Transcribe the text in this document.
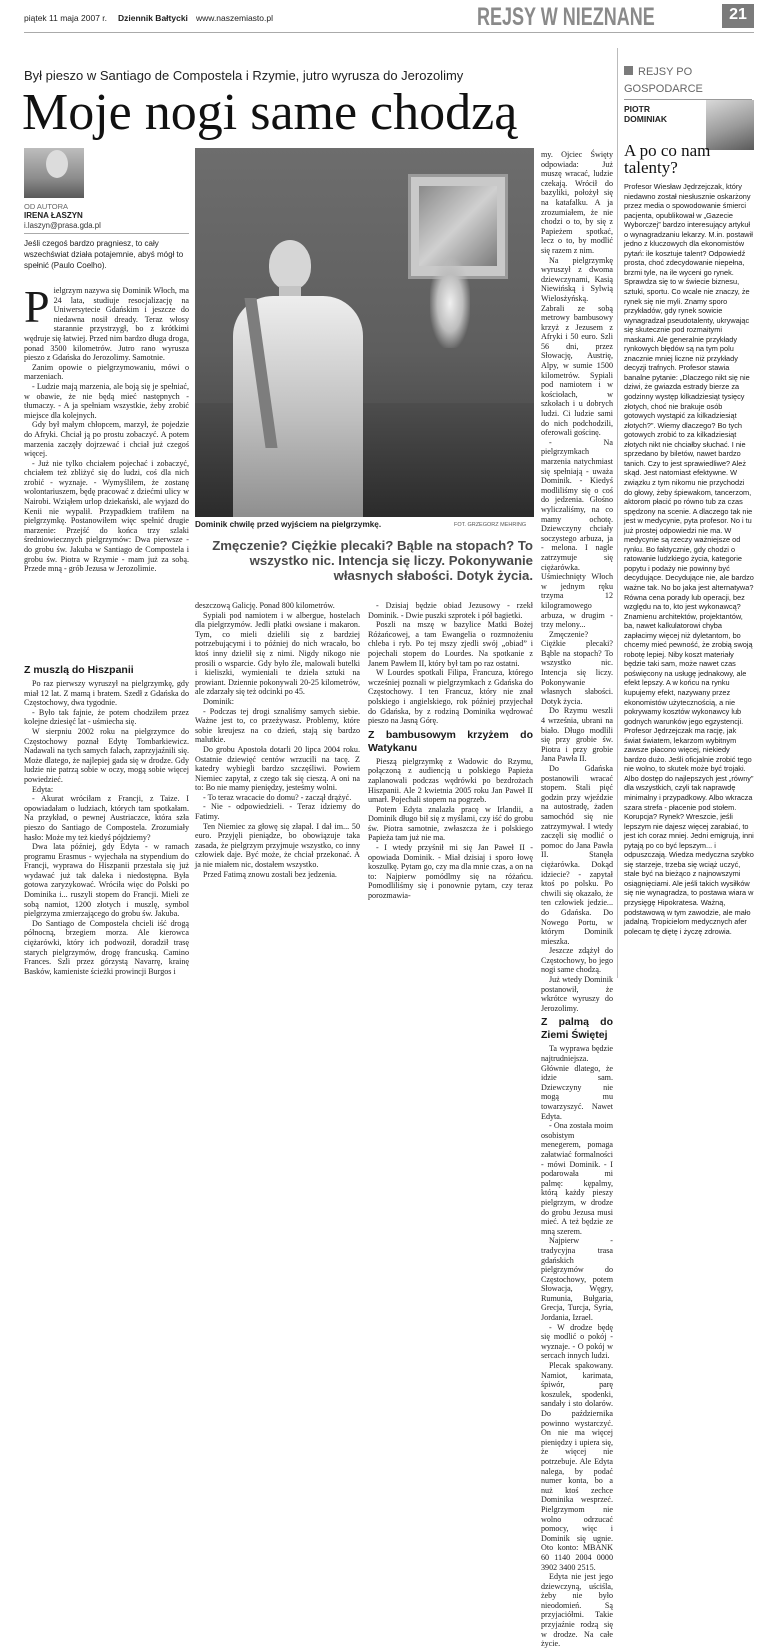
piątek 11 maja 2007 r. Dziennik Bałtycki www.naszemiasto.pl	REJSY W NIEZNANE	21
Był pieszo w Santiago de Compostela i Rzymie, jutro wyrusza do Jerozolimy
Moje nogi same chodzą
REJSY PO GOSPODARCE
PIOTR DOMINIAK
A po co nam talenty?
Profesor Wiesław Jędrzejczak, który niedawno został niesłusznie oskarżony przez media o spowodowanie śmierci pacjenta, opublikował w „Gazecie Wyborczej” bardzo interesujący artykuł o wynagradzaniu lekarzy. M.in. postawił jedno z kluczowych dla ekonomistów pytań: ile kosztuje talent? Odpowiedź prosta, choć zdecydowanie niepełna, brzmi tyle, na ile wyceni go rynek. Sprawdza się to w świecie biznesu, sztuki, sportu. Co wcale nie znaczy, że rynek się nie myli. Znamy sporo przykładów, gdy rynek sowicie wynagradzał pseudotalenty, ukrywając się skutecznie pod rozmaitymi maskami. Ale generalnie przykłady rynkowych błędów są na tym polu znacznie mniej liczne niż przykłady decyzji trafnych. Profesor stawia banalne pytanie: „Dlaczego nikt się nie dziwi, że gwiazda estrady bierze za godzinny występ kilkadziesiąt tysięcy złotych, choć nie brakuje osób gotowych wystąpić za kilkadziesiąt złotych?”. Wiemy dlaczego? Bo tych gotowych zrobić to za kilkadziesiąt złotych nikt nie chciałby słuchać. I nie sprzedano by biletów, nawet bardzo tanich. Czy to jest sprawiedliwe? Ależ skąd. Jest natomiast efektywne. W związku z tym nikomu nie przychodzi do głowy, żeby śpiewakom, tancerzom, aktorom płacić po równo tub za czas spędzony na scenie. A dlaczego tak nie jest w medycynie, pyta profesor. No i tu już prostej odpowiedzi nie ma. W medycynie są rzeczy ważniejsze od rynku. Bo faktycznie, gdy chodzi o ratowanie ludzkiego życia, kategorie popytu i podaży nie powinny być decydujące. Decydujące nie, ale bardzo ważne tak. No bo jaka jest alternatywa? Równa cena porady lub operacji, bez względu na to, kto jest wykonawcą? Znamienu architektów, projektantów, ba, nawet kalkulatorowi chyba zapłacimy więcej niż dyletantom, bo chcemy mieć pewność, że zrobią swoją robotę lepiej. Niby koszt materiały będzie taki sam, może nawet czas poświęcony na usługę jednakowy, ale efekt lepszy. A w końcu na rynku kupujemy efekt, nazywany przez ekonomistów użytecznością, a nie pokrywamy kosztów wykonawcy lub godnych warunków jego egzystencji. Profesor Jędrzejczak ma rację, jak świat światem, lekarzom wybitnym zawsze płacono więcej, niekiedy bardzo dużo. Jeśli oficjalnie zrobić tego nie wolno, to skutek może być trojaki. Albo dostęp do najlepszych jest „równy” dla wszystkich, czyli tak naprawdę minimalny i przypadkowy. Albo wkracza szara strefa - płacenie pod stołem. Korupcja? Rynek? Wreszcie, jeśli lepszym nie dajesz więcej zarabiać, to jest ich coraz mniej. Jedni emigrują, inni pytają po co być lepszym... i odpuszczają. Wiedza medyczna szybko się starzeje, trzeba się wciąż uczyć, stale być na bieżąco z najnowszymi osiągnięciami. Ale jeśli takich wysiłków się nie wynagradza, to postawa wiara w przysięgę Hipokratesa. Ważną, podstawową w tym zawodzie, ale mało jadalną. Tropicielom medycznych afer polecam tę diętę i życzę zdrowia.
OD AUTORA
IRENA ŁASZYN
i.laszyn@prasa.gda.pl
Jeśli czegoś bardzo pragniesz, to cały wszechświat działa potajemnie, abyś mógł to spełnić (Paulo Coelho).
P ielgrzym nazywa się Dominik Włoch, ma 24 lata, studiuje resocjalizację na Uniwersytecie Gdańskim i jeszcze do niedawna nosił dready. Teraz włosy starannie przystrzygł, bo z krótkimi wędruje się łatwiej. Przed nim bardzo długa droga, ponad 3500 kilometrów. Jutro rano wyrusza pieszo z Gdańska do Jerozolimy. Samotnie.

Zanim opowie o pielgrzymowaniu, mówi o marzeniach.

- Ludzie mają marzenia, ale boją się je spełniać, w obawie, że nie będą mieć następnych - tłumaczy. - A ja spełniam wszystkie, żeby zrobić miejsce dla kolejnych.

Gdy był małym chłopcem, marzył, że pojedzie do Afryki. Chciał ją po prostu zobaczyć. A potem marzenia zaczęły dojrzewać i chciał już czegoś więcej.

- Już nie tylko chciałem pojechać i zobaczyć, chciałem też zbliżyć się do ludzi, coś dla nich zrobić - wyznaje. - Wymyśliłem, że zostanę wolontariuszem, będę pracować z dziećmi ulicy w Nairobi. Wziąłem urlop dziekański, ale wyjazd do Kenii nie wypalił. Przypadkiem trafiłem na pielgrzymkę. Postanowiłem więc spełnić drugie marzenie: Przejść do końca trzy szlaki średniowiecznych pielgrzymów: Dwa pierwsze - do grobu św. Jakuba w Santiago de Compostela i grobu św. Piotra w Rzymie - mam już za sobą. Przede mną - grób Jezusa w Jerozolimie.

Dominik chwilę przed wyjściem na pielgrzymkę.	FOT. GRZEGORZ MEHRING
Zmęczenie? Ciężkie plecaki? Bąble na stopach? To wszystko nic. Intencja się liczy. Pokonywanie własnych słabości. Dotyk życia.
Z muszlą do Hiszpanii

Po raz pierwszy wyruszył na pielgrzymkę, gdy miał 12 lat. Z mamą i bratem. Szedł z Gdańska do Częstochowy, dwa tygodnie.

- Było tak fajnie, że potem chodziłem przez kolejne dziesięć lat - uśmiecha się.

W sierpniu 2002 roku na pielgrzymce do Częstochowy poznał Edytę Tombarkiewicz. Nadawali na tych samych falach, zaprzyjaźnili się. Może dlatego, że najlepiej gada się w drodze. Gdy ludzie nie patrzą sobie w oczy, mogą sobie więcej powiedzieć.

Edyta:

- Akurat wróciłam z Francji, z Taize. I opowiadałam o ludziach, których tam spotkałam. Na przykład, o pewnej Austriaczce, która szła pieszo do Santiago de Compostela. Zrozumiały hasło: Może my też kiedyś pójdziemy?

Dwa lata później, gdy Edyta - w ramach programu Erasmus - wyjechała na stypendium do Francji, wyprawa do Hiszpanii przestała się już wydawać już tak daleka i niedostępna. Była gotowa zaryzykować. Wróciła więc do Polski po Dominika i... ruszyli stopem do Francji. Mieli ze sobą namiot, 1200 złotych i muszlę, symbol pielgrzyma zmierzającego do grobu św. Jakuba.

Do Santiago de Compostela chcieli iść drogą północną, brzegiem morza. Ale kierowca ciężarówki, który ich podwoził, doradził trasę starych pielgrzymów, drogę francuską. Camino Frances. Szli przez górzystą Navarrę, krainę Basków, kamieniste ścieżki prowincji Burgos i

deszczową Galicję. Ponad 800 kilometrów.

Sypiali pod namiotem i w albergue, hostelach dla pielgrzymów. Jedli płatki owsiane i makaron. Tym, co mieli dzielili się z bardziej potrzebującymi i to później do nich wracało, bo ktoś inny dzielił się z nimi. Nigdy nikogo nie prosili o wsparcie. Gdy było źle, malowali butelki i kieliszki, wymieniali te dzieła sztuki na prowiant. Dziennie pokonywali 20-25 kilometrów, ale zdarzały się też odcinki po 45.

Dominik:

- Podczas tej drogi sznaliśmy samych siebie. Ważne jest to, co przeżywasz. Problemy, które sobie kreujesz na co dzień, stają się bardzo malutkie.

Do grobu Apostoła dotarli 20 lipca 2004 roku. Ostatnie dziewięć centów wrzucili na tacę. Z katedry wybiegli bardzo szczęśliwi. Powiem Niemiec zapytał, z czego tak się cieszą. A oni na to: Bo nie mamy pieniędzy, jesteśmy wolni.

- To teraz wracacie do domu? - zaczął drążyć.

- Nie - odpowiedzieli. - Teraz idziemy do Fatimy.

Ten Niemiec za głowę się złapał. I dał im... 50 euro. Przyjęli pieniądze, bo obowiązuje taka zasada, że pielgrzym przyjmuje wszystko, co inny człowiek daje. Być może, że chciał przekonać. A ja nie miałem nic, dostałem wszystko.

Przed Fatimą znowu zostali bez jedzenia.

- Dzisiaj będzie obiad Jezusowy - rzekł Dominik. - Dwie puszki szprotek i pół bagietki.

Poszli na mszę w bazylice Matki Bożej Różańcowej, a tam Ewangelia o rozmnożeniu chleba i ryb. Po tej mszy zjedli swój „obiad” i pojechali stopem do Lourdes. Na spotkanie z Janem Pawłem II, który był tam po raz ostatni.

W Lourdes spotkali Filipa, Francuza, którego wcześniej poznali w pielgrzymkach z Gdańska do Częstochowy. I ten Francuz, który nie znał polskiego i angielskiego, rok później przyjechał do Gdańska, by z rodziną Dominika wędrować pieszo na Jasną Górę.

Z bambusowym krzyżem do Watykanu

Pieszą pielgrzymkę z Wadowic do Rzymu, połączoną z audiencją u polskiego Papieża zaplanowali podczas wędrówki po bezdrożach Hiszpanii. Ale 2 kwietnia 2005 roku Jan Paweł II umarł. Pojechali stopem na pogrzeb.

Potem Edyta znalazła pracę w Irlandii, a Dominik długo bił się z myślami, czy iść do grobu św. Piotra samotnie, zwłaszcza że i polskiego Papieża tam już nie ma.

- I wtedy przyśnił mi się Jan Paweł II - opowiada Dominik. - Miał dzisiaj i sporo łowę koszulkę. Pytam go, czy ma dla mnie czas, a on na to: Najpierw pomódlmy się na różańcu. Pomodliliśmy się i ponownie pytam, czy teraz porozmawia-

my. Ojciec Święty odpowiada: Już muszę wracać, ludzie czekają. Wrócił do bazyliki, położył się na katafalku. A ja zrozumiałem, że nie chodzi o to, by się z Papieżem spotkać, lecz o to, by modlić się razem z nim.

Na pielgrzymkę wyruszył z dwoma dziewczynami, Kasią Niewińską i Sylwią Wielosżyńską. Zabrali ze sobą metrowy bambusowy krzyż z Jezusem z Afryki i 50 euro. Szli 56 dni, przez Słowację, Austrię, Alpy, w sumie 1500 kilometrów. Sypiali pod namiotem i w kościołach, w szkołach i u dobrych ludzi. Ci ludzie sami do nich podchodzili, oferowali gościnę.

- Na pielgrzymkach marzenia natychmiast się spełniają - uważa Dominik. - Kiedyś modliliśmy się o coś do jedzenia. Głośno wyliczaliśmy, na co mamy ochotę. Dziewczyny chciały soczystego arbuza, ja - melona. I nagle zatrzymuje się ciężarówka. Uśmiechnięty Włoch w jednym ręku trzyma 12 kilogramowego arbuza, w drugim - trzy melony...

Zmęczenie? Ciężkie plecaki? Bąble na stopach? To wszystko nic. Intencja się liczy. Pokonywanie własnych słabości. Dotyk życia.

Do Rzymu weszli 4 września, ubrani na biało. Długo modlili się przy grobie św. Piotra i przy grobie Jana Pawła II.

Do Gdańska postanowili wracać stopem. Stali pięć godzin przy wjeździe na autostradę, żaden samochód się nie zatrzymywał. I wtedy zaczęli się modlić o pomoc do Jana Pawła II. Stanęła ciężarówka. Dokąd idziecie? - zapytał ktoś po polsku. Po chwili się okazało, że ten człowiek jedzie... do Gdańska. Do Nowego Portu, w którym Dominik mieszka.

Jeszcze zdążył do Częstochowy, bo jego nogi same chodzą.

Już wtedy Dominik postanowił, że wkrótce wyruszy do Jerozolimy.

Z palmą do Ziemi Świętej

Ta wyprawa będzie najtrudniejsza. Głównie dlatego, że idzie sam. Dziewczyny nie mogą mu towarzyszyć. Nawet Edyta.

- Ona została moim osobistym menegerem, pomaga załatwiać formalności - mówi Dominik. - I podarowała mi palmę: kępalmy, którą każdy pieszy pielgrzym, w drodze do grobu Jezusa musi mieć. A też będzie ze mną szerem.

Najpierw - tradycyjna trasa gdańskich pielgrzymów do Częstochowy, potem Słowacja, Węgry, Rumunia, Bułgaria, Grecja, Turcja, Syria, Jordania, Izrael.

- W drodze będę się modlić o pokój - wyznaje. - O pokój w sercach innych ludzi.

Plecak spakowany. Namiot, karimata, śpiwór, parę koszulek, spodenki, sandały i sto dolarów. Do października powinno wystarczyć. On nie ma więcej pieniędzy i upiera się, że więcej nie potrzebuje. Ale Edyta nalega, by podać numer konta, bo a nuż ktoś zechce Dominika wesprzeć. Pielgrzymom nie wolno odrzucać pomocy, więc i Dominik się ugnie. Oto konto: MBANK 60 1140 2004 0000 3902 3400 2515.

Edyta nie jest jego dziewczyną, uściśla, żeby nie było nieodomień. Są przyjaciółmi. Takie przyjaźnie rodzą się w drodze. Na całe życie.
